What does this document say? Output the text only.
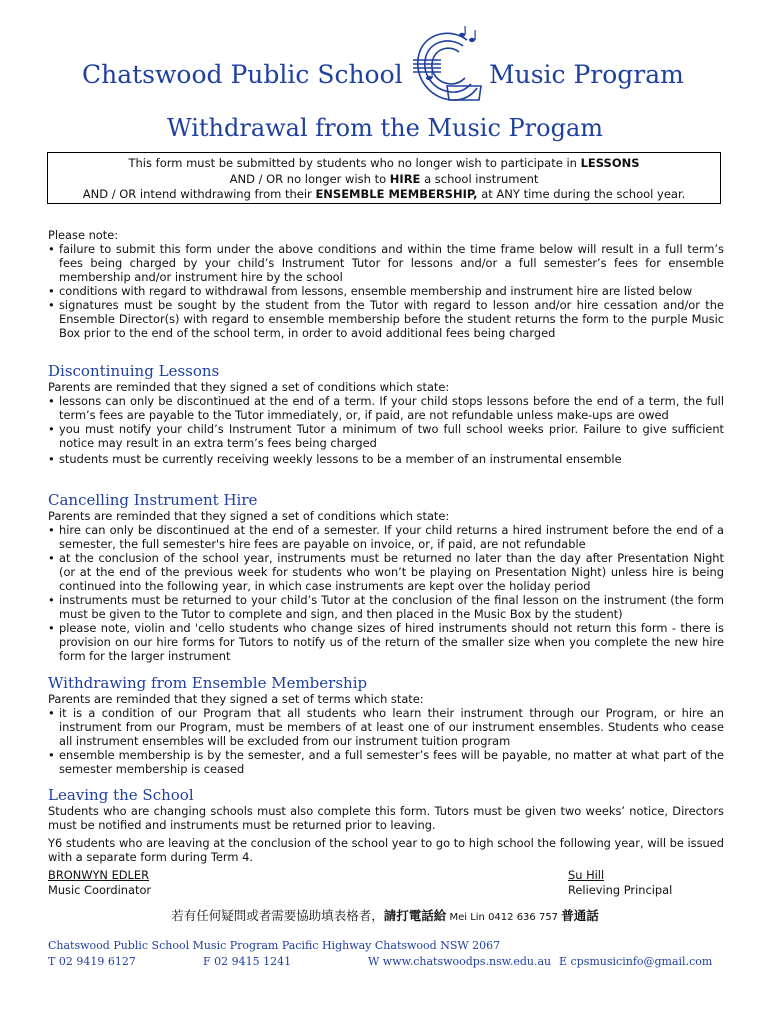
Chatswood Public School	Music Program
Withdrawal from the Music Progam
This form must be submitted by students who no longer wish to participate in LESSONS
AND / OR no longer wish to HIRE a school instrument
AND / OR intend withdrawing from their ENSEMBLE MEMBERSHIP, at ANY time during the school year.
Please note:
• failure to submit this form under the above conditions and within the time frame below will result in a full term’s fees being charged by your child’s Instrument Tutor for lessons and/or a full semester’s fees for ensemble membership and/or instrument hire by the school
• conditions with regard to withdrawal from lessons, ensemble membership and instrument hire are listed below
• signatures must be sought by the student from the Tutor with regard to lesson and/or hire cessation and/or the Ensemble Director(s) with regard to ensemble membership before the student returns the form to the purple Music Box prior to the end of the school term, in order to avoid additional fees being charged
Discontinuing Lessons
Parents are reminded that they signed a set of conditions which state:
• lessons can only be discontinued at the end of a term. If your child stops lessons before the end of a term, the full term’s fees are payable to the Tutor immediately, or, if paid, are not refundable unless make-ups are owed
• you must notify your child’s Instrument Tutor a minimum of two full school weeks prior. Failure to give sufficient notice may result in an extra term’s fees being charged
• students must be currently receiving weekly lessons to be a member of an instrumental ensemble
Cancelling Instrument Hire
Parents are reminded that they signed a set of conditions which state:
• hire can only be discontinued at the end of a semester. If your child returns a hired instrument before the end of a semester, the full semester's hire fees are payable on invoice, or, if paid, are not refundable
• at the conclusion of the school year, instruments must be returned no later than the day after Presentation Night (or at the end of the previous week for students who won’t be playing on Presentation Night) unless hire is being continued into the following year, in which case instruments are kept over the holiday period
• instruments must be returned to your child’s Tutor at the conclusion of the final lesson on the instrument (the form must be given to the Tutor to complete and sign, and then placed in the Music Box by the student)
• please note, violin and 'cello students who change sizes of hired instruments should not return this form - there is provision on our hire forms for Tutors to notify us of the return of the smaller size when you complete the new hire form for the larger instrument
Withdrawing from Ensemble Membership
Parents are reminded that they signed a set of terms which state:
• it is a condition of our Program that all students who learn their instrument through our Program, or hire an instrument from our Program, must be members of at least one of our instrument ensembles. Students who cease all instrument ensembles will be excluded from our instrument tuition program
• ensemble membership is by the semester, and a full semester’s fees will be payable, no matter at what part of the semester membership is ceased
Leaving the School
Students who are changing schools must also complete this form. Tutors must be given two weeks’ notice, Directors must be notified and instruments must be returned prior to leaving.
Y6 students who are leaving at the conclusion of the school year to go to high school the following year, will be issued with a separate form during Term 4.
BRONWYN EDLER
Music Coordinator
Su Hill
Relieving Principal
若有任何疑問或者需要協助填表格者，請打電話給 Mei Lin 0412 636 757 普通話
Chatswood Public School Music Program Pacific Highway Chatswood NSW 2067
T 02 9419 6127	F 02 9415 1241	W www.chatswoodps.nsw.edu.au E cpsmusicinfo@gmail.com
